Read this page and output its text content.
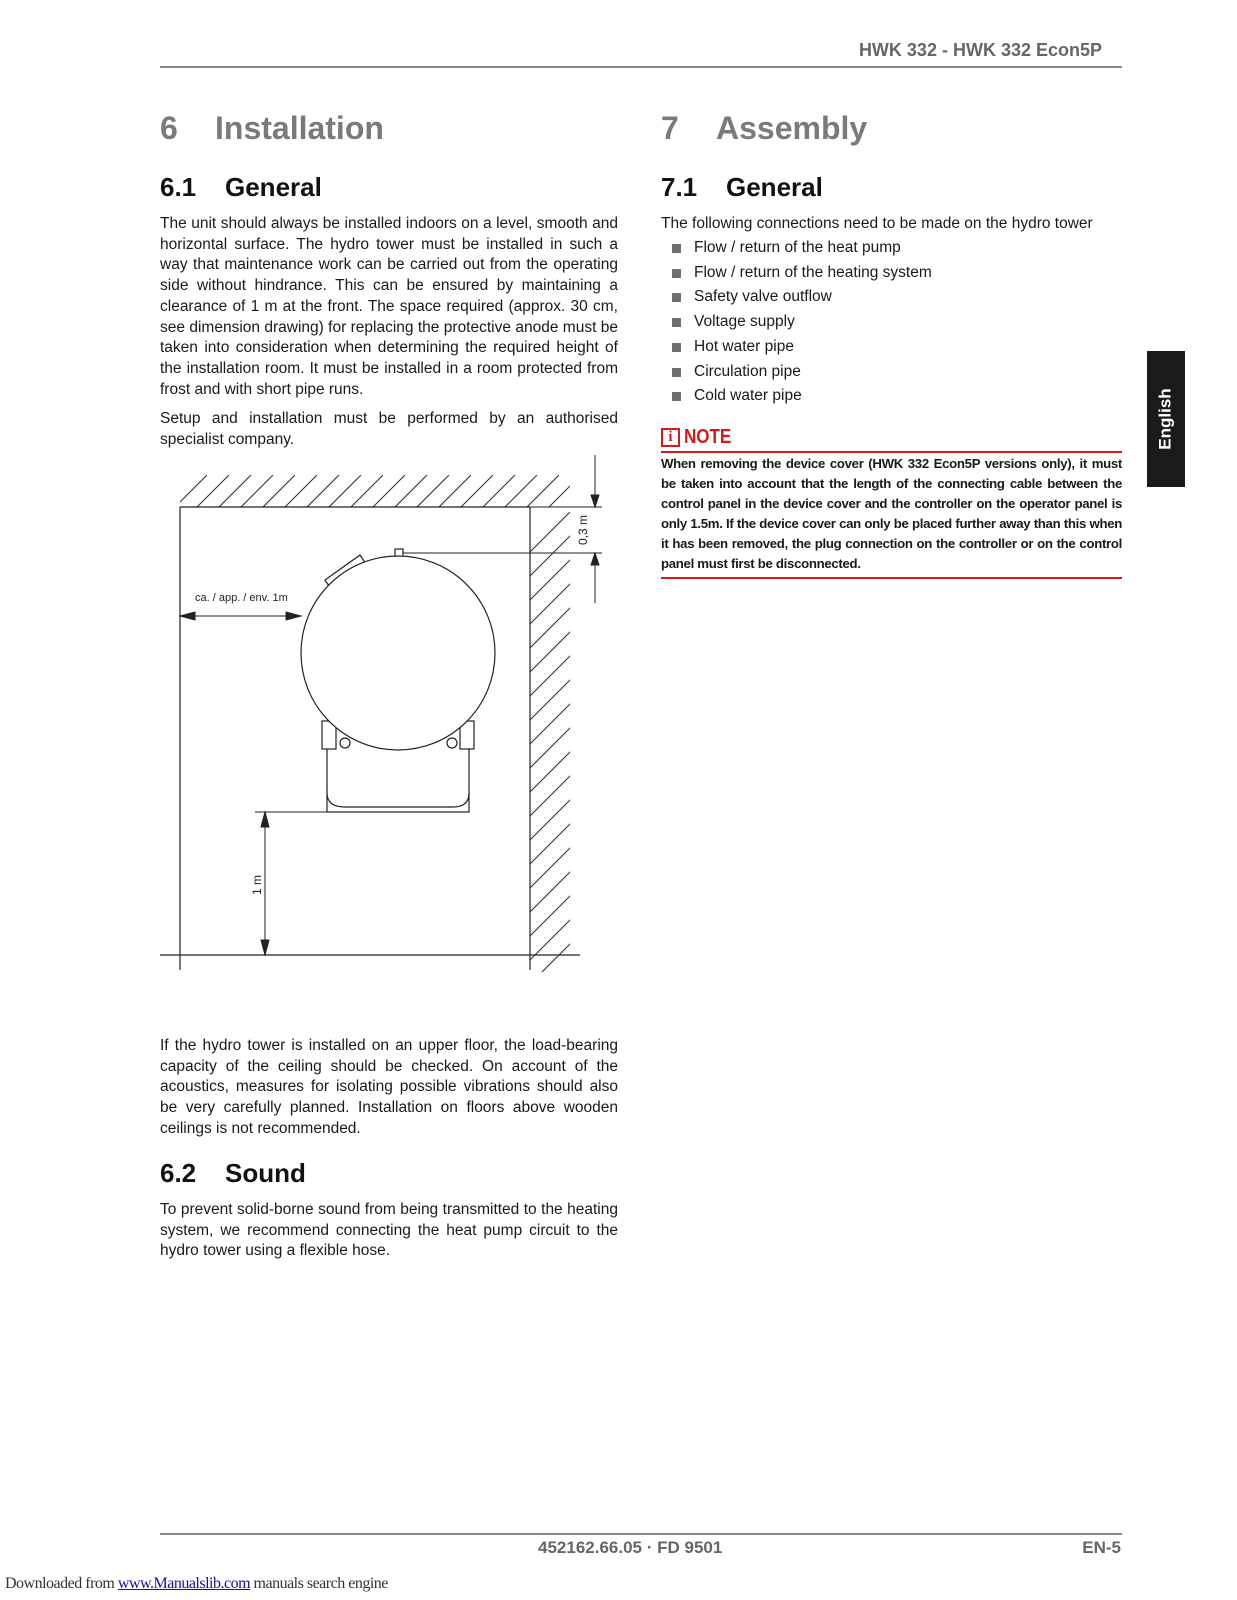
HWK 332 - HWK 332 Econ5P
6 Installation
6.1 General

The unit should always be installed indoors on a level, smooth and horizontal surface. The hydro tower must be installed in such a way that maintenance work can be carried out from the operating side without hindrance. This can be ensured by maintaining a clearance of 1 m at the front. The space required (approx. 30 cm, see dimension drawing) for replacing the protective anode must be taken into consideration when determining the required height of the installation room. It must be installed in a room protected from frost and with short pipe runs.

Setup and installation must be performed by an authorised specialist company.

0,3 m
ca. / app. / env. 1m
1 m

If the hydro tower is installed on an upper floor, the load-bearing capacity of the ceiling should be checked. On account of the acoustics, measures for isolating possible vibrations should also be very carefully planned. Installation on floors above wooden ceilings is not recommended.

6.2 Sound

To prevent solid-borne sound from being transmitted to the heating system, we recommend connecting the heat pump circuit to the hydro tower using a flexible hose.

7 Assembly
7.1 General

The following connections need to be made on the hydro tower

Flow / return of the heat pump
Flow / return of the heating system
Safety valve outflow
Voltage supply
Hot water pipe
Circulation pipe
Cold water pipe
i NOTE

When removing the device cover (HWK 332 Econ5P versions only), it must be taken into account that the length of the connecting cable between the control panel in the device cover and the controller on the operator panel is only 1.5m. If the device cover can only be placed further away than this when it has been removed, the plug connection on the controller or on the control panel must first be disconnected.

English
452162.66.05 · FD 9501	EN-5
Downloaded from www.Manualslib.com manuals search engine
